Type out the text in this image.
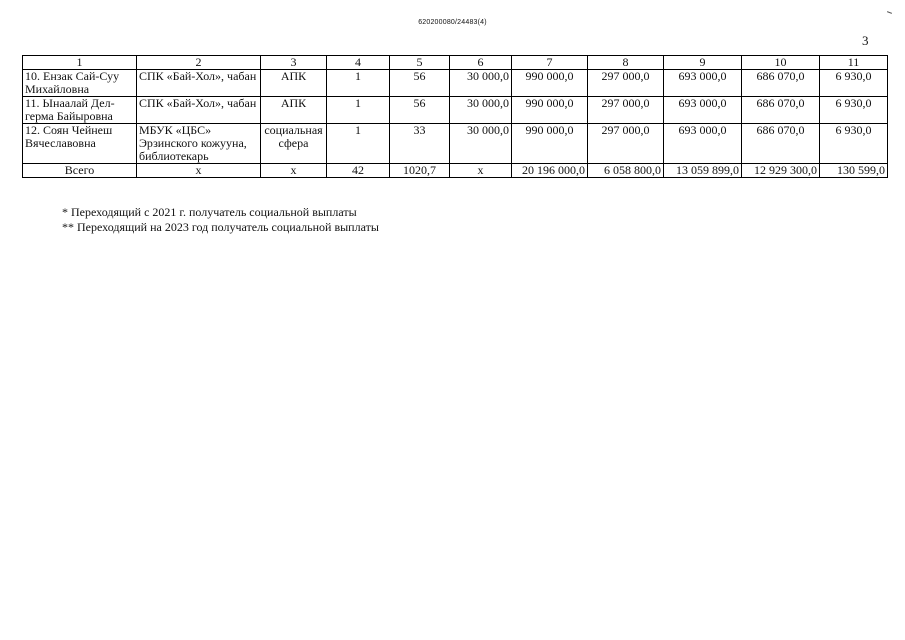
620200080/24483(4)
3
1	2	3	4	5	6	7	8	9	10	11
10. Ензак Сай-Суу Михайловна	СПК «Бай-Хол», чабан	АПК	1	56	30 000,0	990 000,0	297 000,0	693 000,0	686 070,0	6 930,0
11. Ынаалай Дел-герма Байыровна	СПК «Бай-Хол», чабан	АПК	1	56	30 000,0	990 000,0	297 000,0	693 000,0	686 070,0	6 930,0
12. Соян Чейнеш Вячеславовна	МБУК «ЦБС» Эрзинского кожууна, библиотекарь	социальная сфера	1	33	30 000,0	990 000,0	297 000,0	693 000,0	686 070,0	6 930,0
Всего	x	x	42	1020,7	x	20 196 000,0	6 058 800,0	13 059 899,0	12 929 300,0	130 599,0
* Переходящий с 2021 г. получатель социальной выплаты
** Переходящий на 2023 год получатель социальной выплаты
